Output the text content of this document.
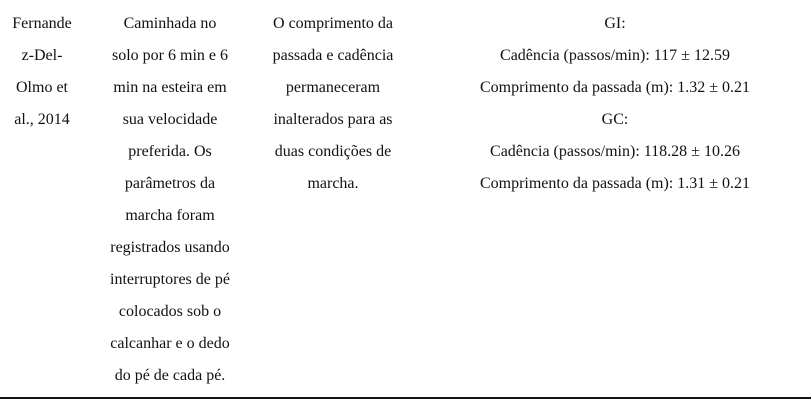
Fernande
z-Del-
Olmo et
al., 2014
Caminhada no
solo por 6 min e 6
min na esteira em
sua velocidade
preferida. Os
parâmetros da
marcha foram
registrados usando
interruptores de pé
colocados sob o
calcanhar e o dedo
do pé de cada pé.
O comprimento da
passada e cadência
permaneceram
inalterados para as
duas condições de
marcha.
GI:
Cadência (passos/min): 117 ± 12.59
Comprimento da passada (m): 1.32 ± 0.21
GC:
Cadência (passos/min): 118.28 ± 10.26
Comprimento da passada (m): 1.31 ± 0.21
